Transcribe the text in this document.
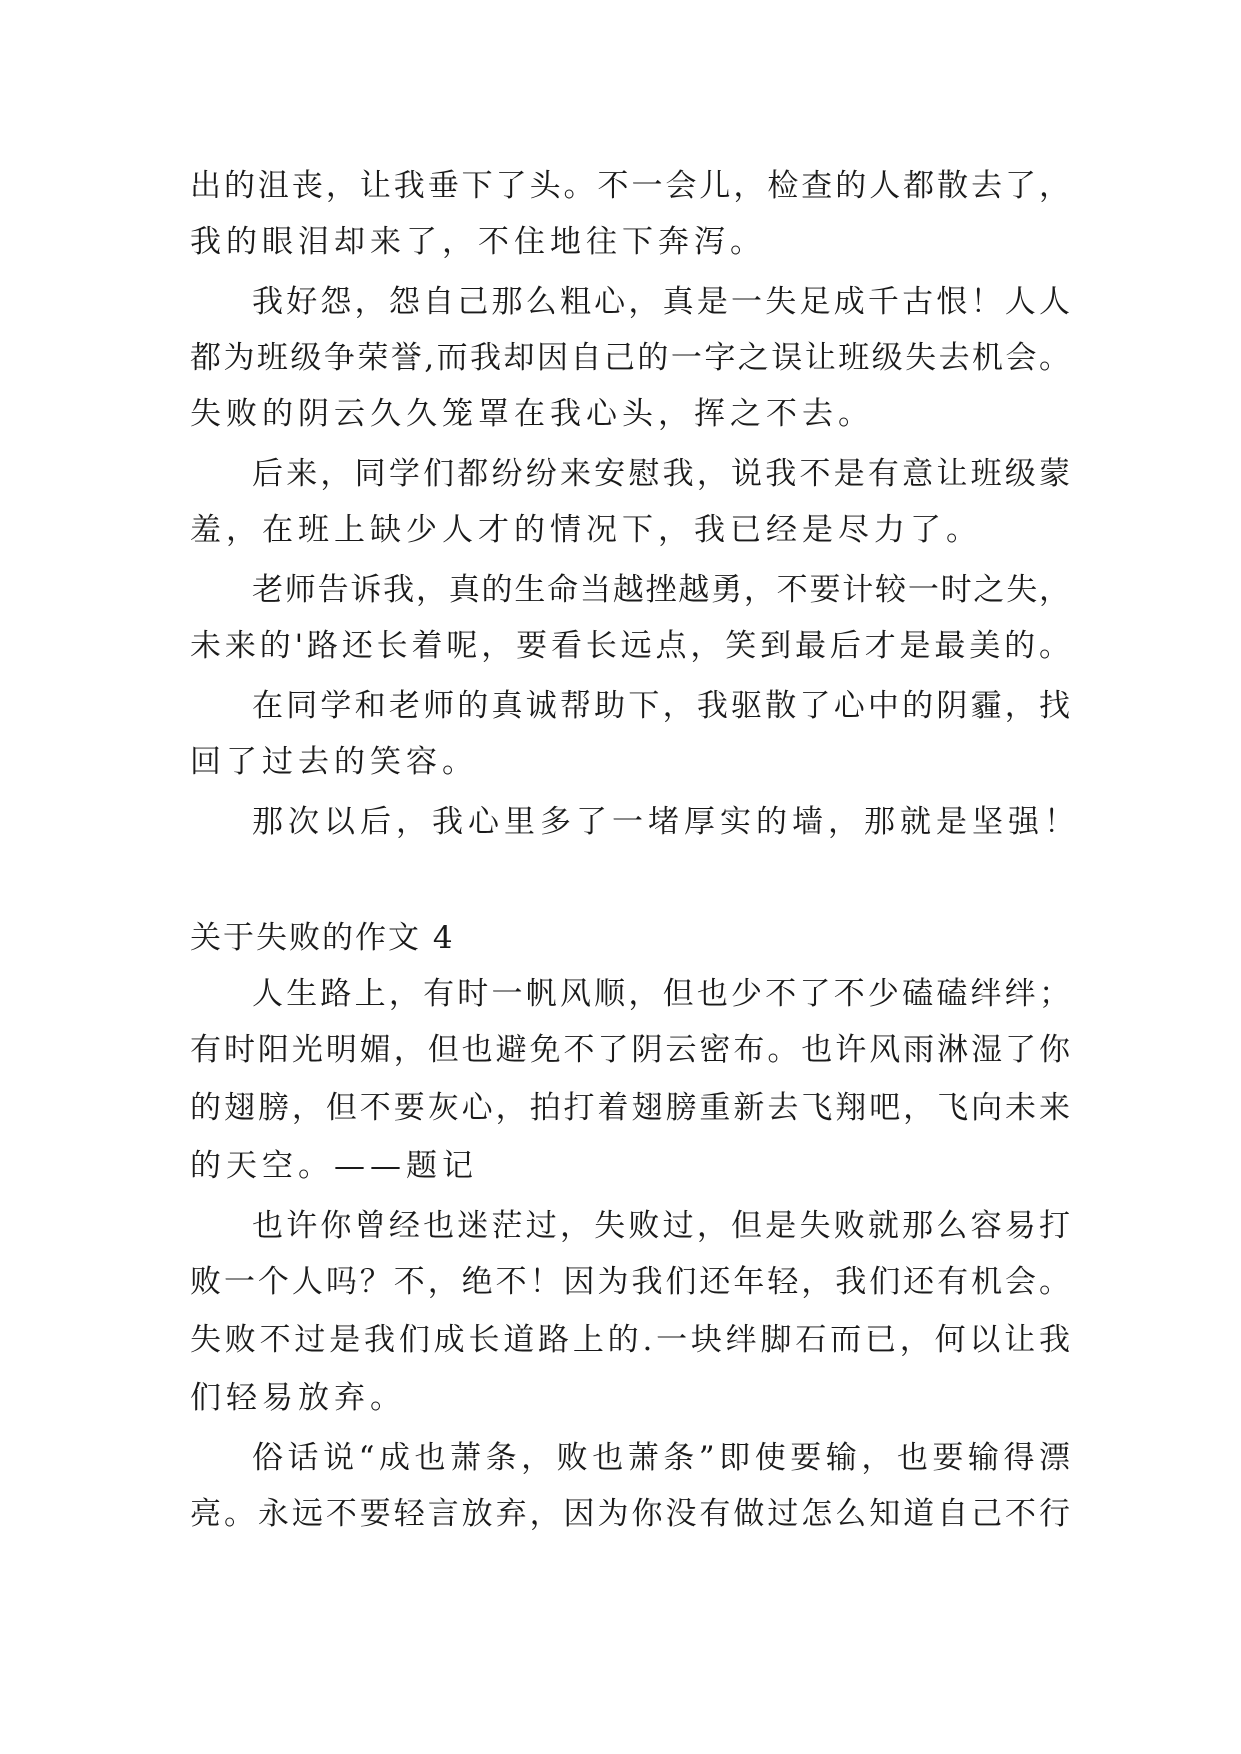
出的沮丧，让我垂下了头。不一会儿，检查的人都散去了，
我的眼泪却来了，不住地往下奔泻。
我好怨，怨自己那么粗心，真是一失足成千古恨！人人
都为班级争荣誉,而我却因自己的一字之误让班级失去机会。
失败的阴云久久笼罩在我心头，挥之不去。
后来，同学们都纷纷来安慰我，说我不是有意让班级蒙
羞，在班上缺少人才的情况下，我已经是尽力了。
老师告诉我，真的生命当越挫越勇，不要计较一时之失，
未来的'路还长着呢，要看长远点，笑到最后才是最美的。
在同学和老师的真诚帮助下，我驱散了心中的阴霾，找
回了过去的笑容。
那次以后，我心里多了一堵厚实的墙，那就是坚强！
关于失败的作文 4
人生路上，有时一帆风顺，但也少不了不少磕磕绊绊；
有时阳光明媚，但也避免不了阴云密布。也许风雨淋湿了你
的翅膀，但不要灰心，拍打着翅膀重新去飞翔吧，飞向未来
的天空。——题记
也许你曾经也迷茫过，失败过，但是失败就那么容易打
败一个人吗？不，绝不！因为我们还年轻，我们还有机会。
失败不过是我们成长道路上的.一块绊脚石而已，何以让我
们轻易放弃。
俗话说“成也萧条，败也萧条”即使要输，也要输得漂
亮。永远不要轻言放弃，因为你没有做过怎么知道自己不行
